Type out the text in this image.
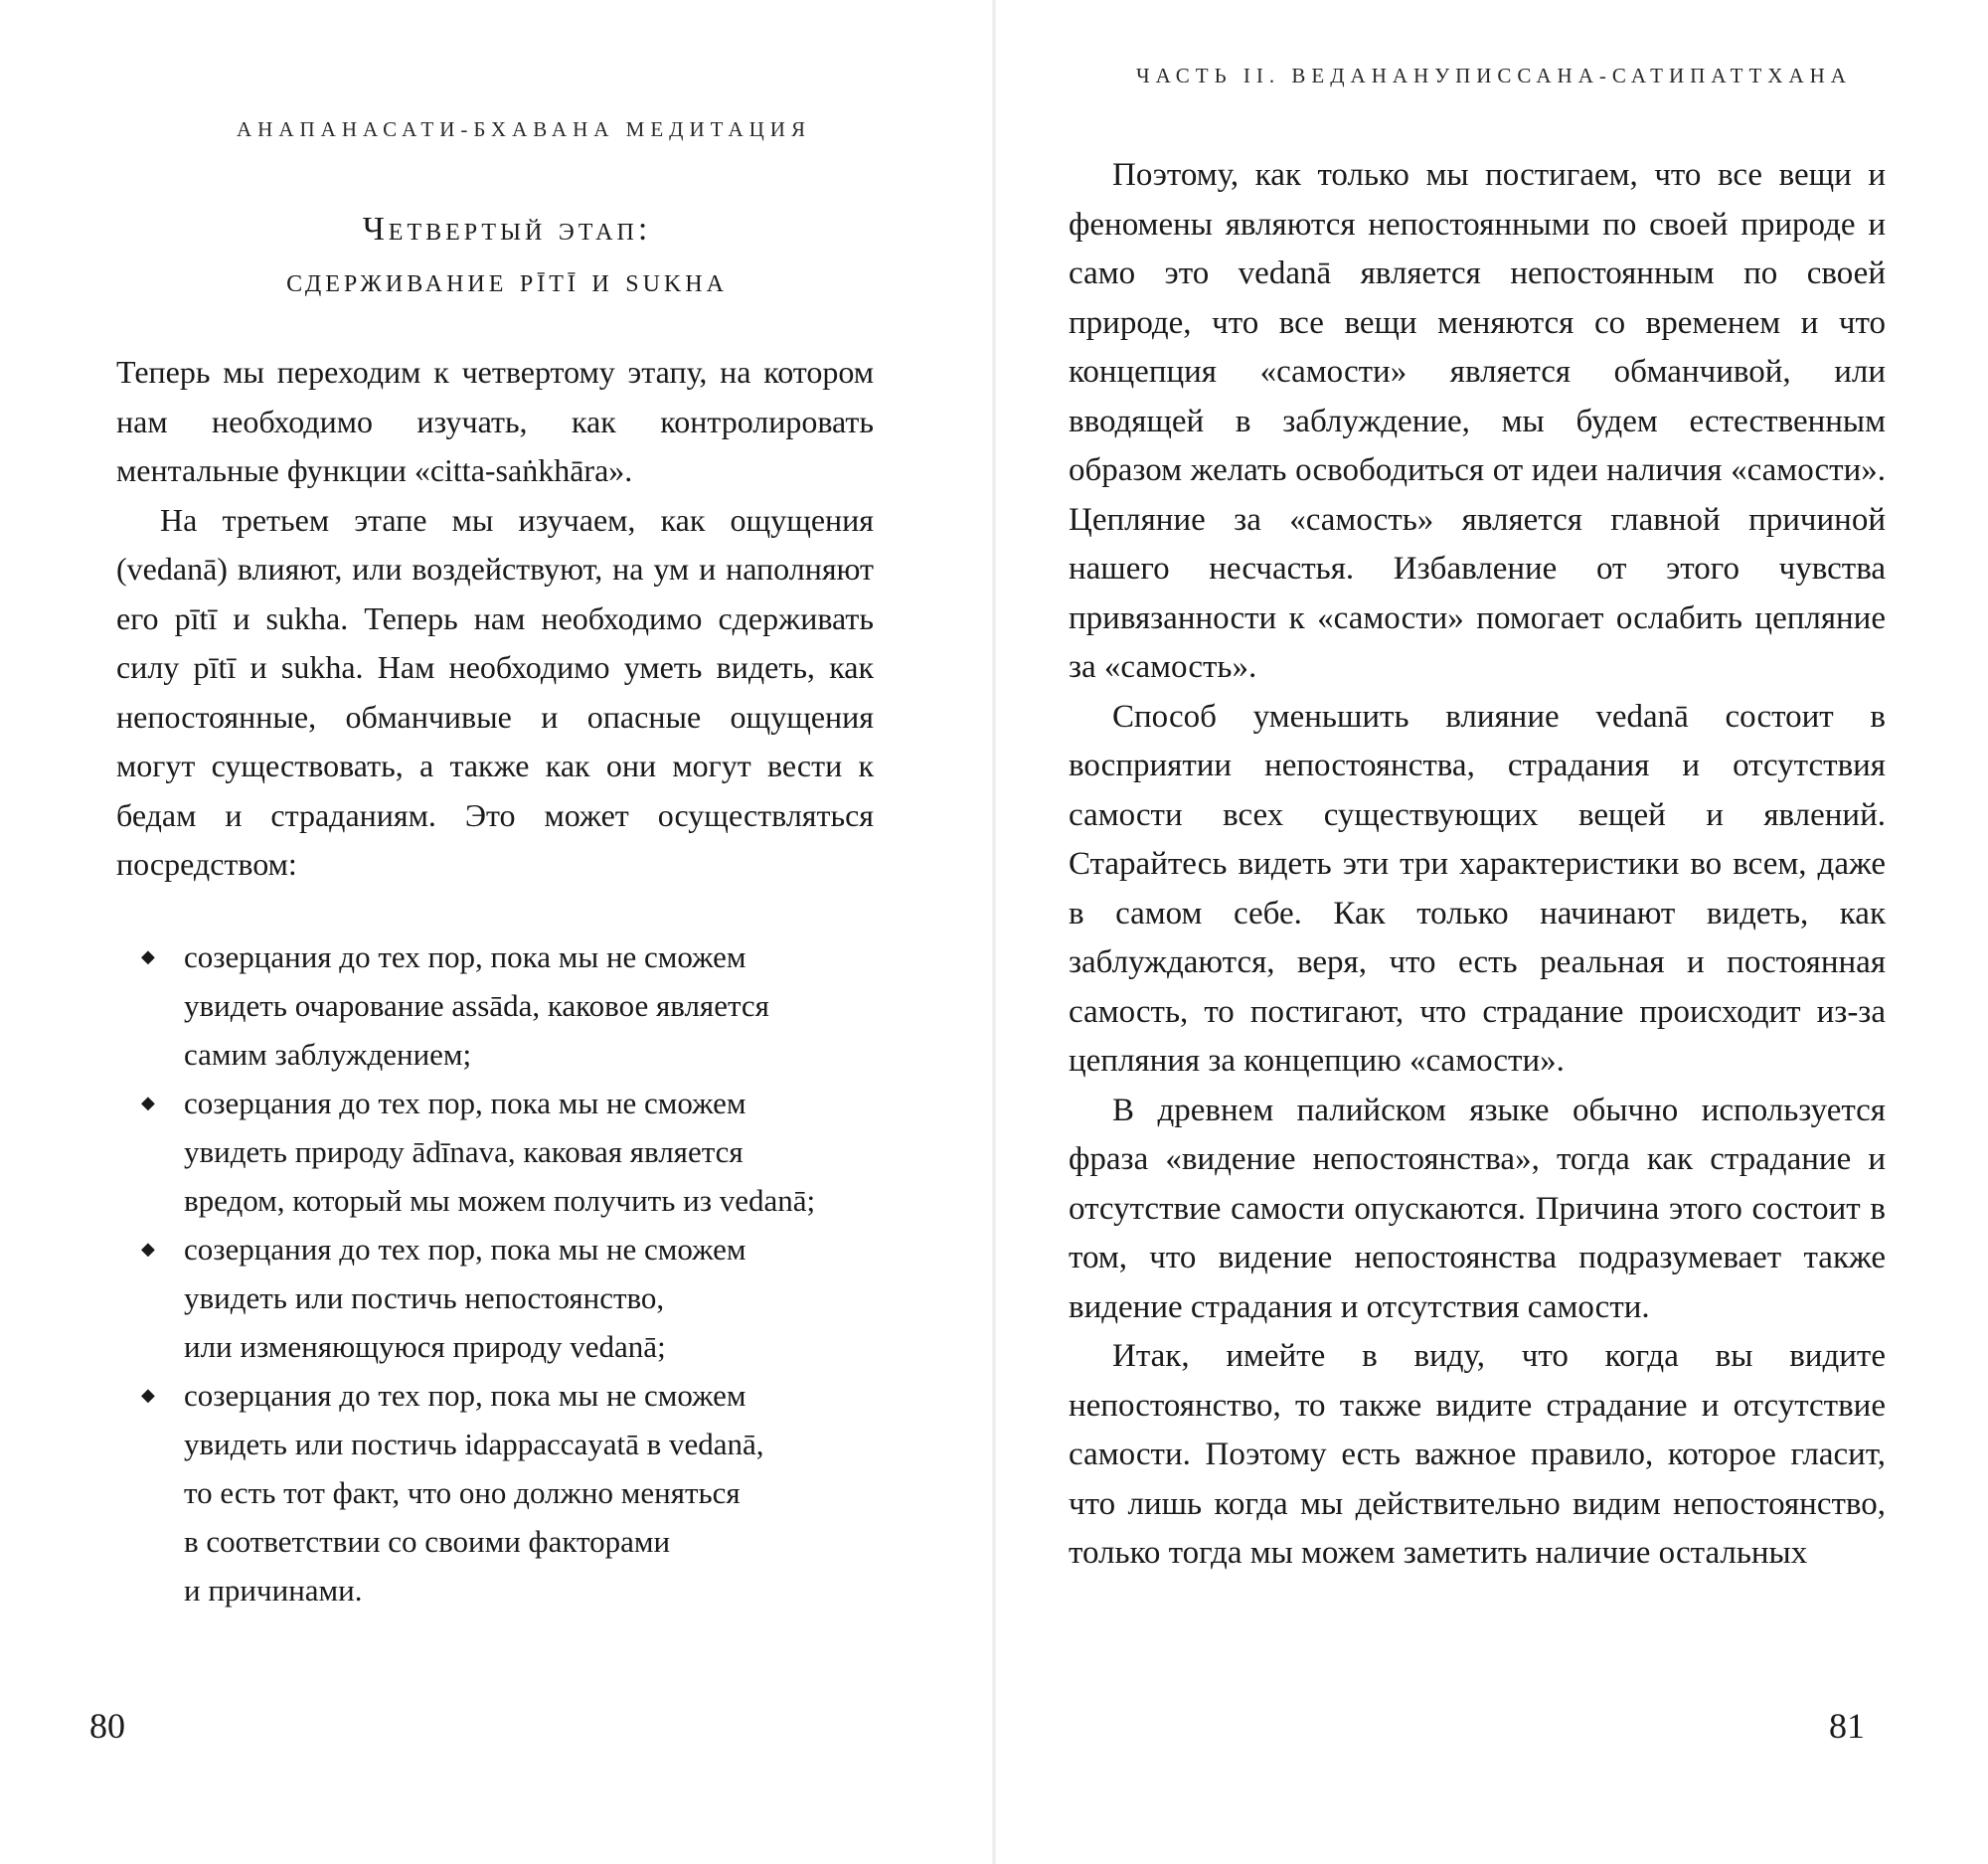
АНАПАНАСАТИ-БХАВАНА МЕДИТАЦИЯ
Четвертый этап:
сдерживание pītī и sukha

Теперь мы переходим к четвертому этапу, на котором нам необходимо изучать, как контролировать ментальные функции «citta-saṅkhāra».

На третьем этапе мы изучаем, как ощущения (vedanā) влияют, или воздействуют, на ум и наполняют его pītī и sukha. Теперь нам необходимо сдерживать силу pītī и sukha. Нам необходимо уметь видеть, как непостоянные, обманчивые и опасные ощущения могут существовать, а также как они могут вести к бедам и страданиям. Это может осуществляться посредством:

◆ созерцания до тех пор, пока мы не сможем
увидеть очарование assāda, каковое является
самим заблуждением;
◆ созерцания до тех пор, пока мы не сможем
увидеть природу ādīnava, каковая является
вредом, который мы можем получить из vedanā;
◆ созерцания до тех пор, пока мы не сможем
увидеть или постичь непостоянство,
или изменяющуюся природу vedanā;
◆ созерцания до тех пор, пока мы не сможем
увидеть или постичь idappaccayatā в vedanā,
то есть тот факт, что оно должно меняться
в соответствии со своими факторами
и причинами.
80
ЧАСТЬ II. ВЕДАНАНУПИССАНА-САТИПАТТХАНА

Поэтому, как только мы постигаем, что все вещи и феномены являются непостоянными по своей природе и само это vedanā является непостоянным по своей природе, что все вещи меняются со временем и что концепция «самости» является обманчивой, или вводящей в заблуждение, мы будем естественным образом желать освободиться от идеи наличия «самости». Цепляние за «самость» является главной причиной нашего несчастья. Избавление от этого чувства привязанности к «самости» помогает ослабить цепляние за «самость».

Способ уменьшить влияние vedanā состоит в восприятии непостоянства, страдания и отсутствия самости всех существующих вещей и явлений. Старайтесь видеть эти три характеристики во всем, даже в самом себе. Как только начинают видеть, как заблуждаются, веря, что есть реальная и постоянная самость, то постигают, что страдание происходит из-за цепляния за концепцию «самости».

В древнем палийском языке обычно используется фраза «видение непостоянства», тогда как страдание и отсутствие самости опускаются. Причина этого состоит в том, что видение непостоянства подразумевает также видение страдания и отсутствия самости.

Итак, имейте в виду, что когда вы видите непостоянство, то также видите страдание и отсутствие самости. Поэтому есть важное правило, которое гласит, что лишь когда мы действительно видим непостоянство, только тогда мы можем заметить наличие остальных

81
